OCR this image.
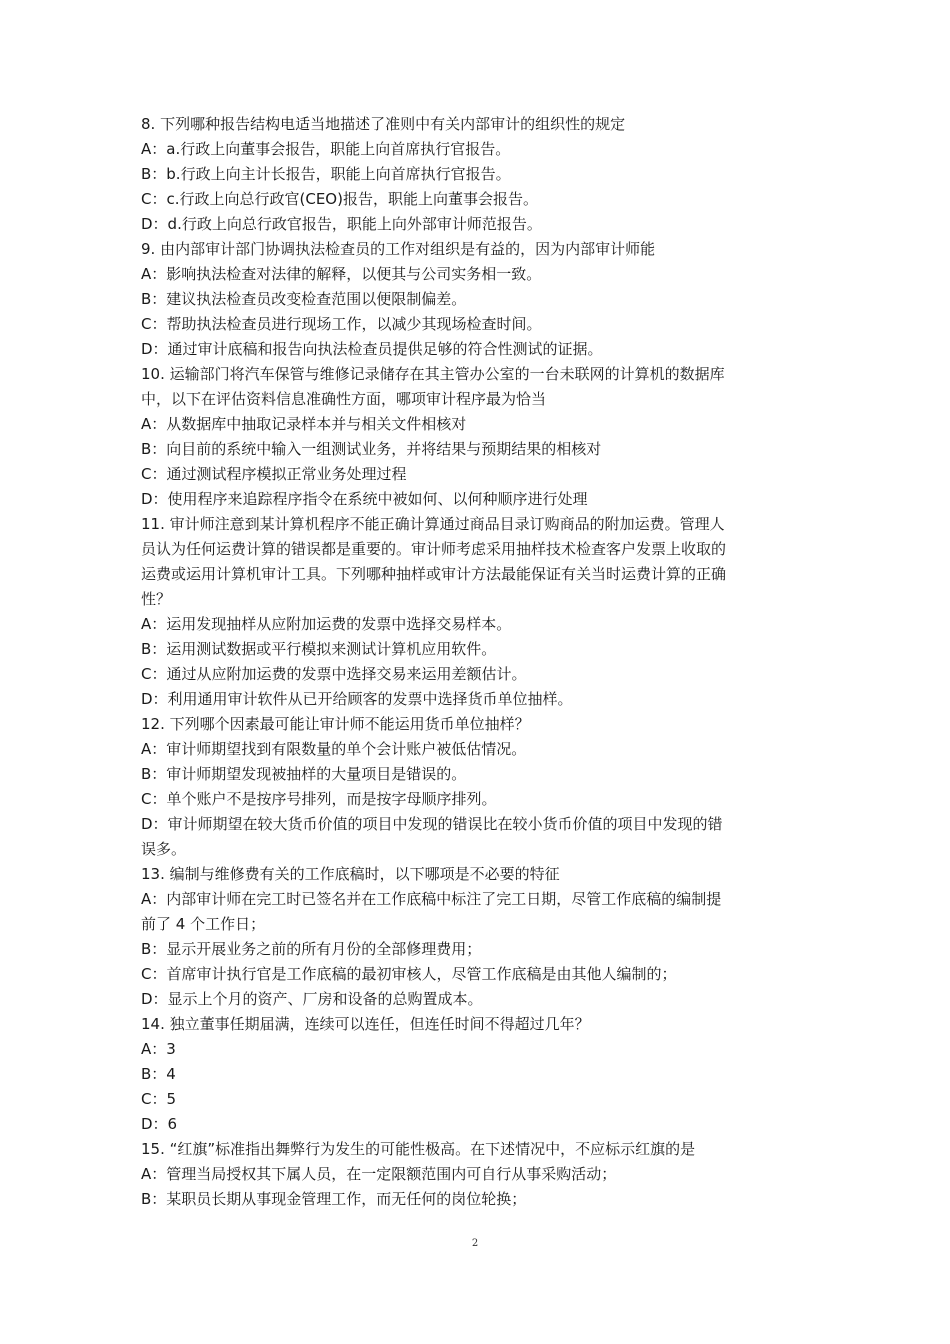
8. 下列哪种报告结构电适当地描述了准则中有关内部审计的组织性的规定
A：a.行政上向董事会报告，职能上向首席执行官报告。
B：b.行政上向主计长报告，职能上向首席执行官报告。
C：c.行政上向总行政官(CEO)报告，职能上向董事会报告。
D：d.行政上向总行政官报告，职能上向外部审计师范报告。
9. 由内部审计部门协调执法检查员的工作对组织是有益的，因为内部审计师能
A：影响执法检查对法律的解释，以便其与公司实务相一致。
B：建议执法检查员改变检查范围以便限制偏差。
C：帮助执法检查员进行现场工作，以减少其现场检查时间。
D：通过审计底稿和报告向执法检查员提供足够的符合性测试的证据。
10. 运输部门将汽车保管与维修记录储存在其主管办公室的一台未联网的计算机的数据库
中，以下在评估资料信息准确性方面，哪项审计程序最为恰当
A：从数据库中抽取记录样本并与相关文件相核对
B：向目前的系统中输入一组测试业务，并将结果与预期结果的相核对
C：通过测试程序模拟正常业务处理过程
D：使用程序来追踪程序指令在系统中被如何、以何种顺序进行处理
11. 审计师注意到某计算机程序不能正确计算通过商品目录订购商品的附加运费。管理人
员认为任何运费计算的错误都是重要的。审计师考虑采用抽样技术检查客户发票上收取的
运费或运用计算机审计工具。下列哪种抽样或审计方法最能保证有关当时运费计算的正确
性？
A：运用发现抽样从应附加运费的发票中选择交易样本。
B：运用测试数据或平行模拟来测试计算机应用软件。
C：通过从应附加运费的发票中选择交易来运用差额估计。
D：利用通用审计软件从已开给顾客的发票中选择货币单位抽样。
12. 下列哪个因素最可能让审计师不能运用货币单位抽样？
A：审计师期望找到有限数量的单个会计账户被低估情况。
B：审计师期望发现被抽样的大量项目是错误的。
C：单个账户不是按序号排列，而是按字母顺序排列。
D：审计师期望在较大货币价值的项目中发现的错误比在较小货币价值的项目中发现的错
误多。
13. 编制与维修费有关的工作底稿时，以下哪项是不必要的特征
A：内部审计师在完工时已签名并在工作底稿中标注了完工日期，尽管工作底稿的编制提
前了 4 个工作日；
B：显示开展业务之前的所有月份的全部修理费用；
C：首席审计执行官是工作底稿的最初审核人，尽管工作底稿是由其他人编制的；
D：显示上个月的资产、厂房和设备的总购置成本。
14. 独立董事任期届满，连续可以连任，但连任时间不得超过几年？
A：3
B：4
C：5
D：6
15. “红旗”标准指出舞弊行为发生的可能性极高。在下述情况中，不应标示红旗的是
A：管理当局授权其下属人员，在一定限额范围内可自行从事采购活动；
B：某职员长期从事现金管理工作，而无任何的岗位轮换；
2
